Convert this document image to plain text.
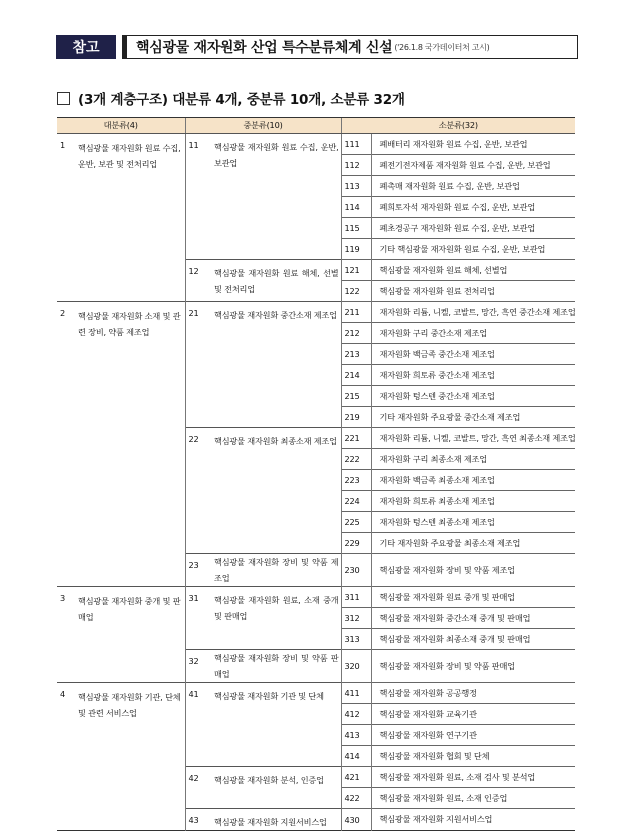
참고	핵심광물 재자원화 산업 특수분류체계 신설 ('26.1.8 국가데이터처 고시)
(3개 계층구조) 대분류 4개, 중분류 10개, 소분류 32개
대분류(4)	중분류(10)		소분류(32)	

1 핵심광물 재자원화 원료 수집, 운반, 보관 및 전처리업	11	핵심광물 재자원화 원료 수집, 운반, 보관업	111	폐배터리 재자원화 원료 수집, 운반, 보관업
			112	폐전기전자제품 재자원화 원료 수집, 운반, 보관업
			113	폐촉매 재자원화 원료 수집, 운반, 보관업
			114	폐희토자석 재자원화 원료 수집, 운반, 보관업
			115	폐초경공구 재자원화 원료 수집, 운반, 보관업
			119	기타 핵심광물 재자원화 원료 수집, 운반, 보관업
	12	핵심광물 재자원화 원료 해체, 선별 및 전처리업	121	핵심광물 재자원화 원료 해체, 선별업
			122	핵심광물 재자원화 원료 전처리업

2 핵심광물 재자원화 소재 및 관련 장비, 약품 제조업	21	핵심광물 재자원화 중간소재 제조업	211	재자원화 리튬, 니켈, 코발트, 망간, 흑연 중간소재 제조업
			212	재자원화 구리 중간소재 제조업
			213	재자원화 백금족 중간소재 제조업
			214	재자원화 희토류 중간소재 제조업
			215	재자원화 텅스텐 중간소재 제조업
			219	기타 재자원화 주요광물 중간소재 제조업
	22	핵심광물 재자원화 최종소재 제조업	221	재자원화 리튬, 니켈, 코발트, 망간, 흑연 최종소재 제조업
			222	재자원화 구리 최종소재 제조업
			223	재자원화 백금족 최종소재 제조업
			224	재자원화 희토류 최종소재 제조업
			225	재자원화 텅스텐 최종소재 제조업
			229	기타 재자원화 주요광물 최종소재 제조업
	23	핵심광물 재자원화 장비 및 약품 제조업	230	핵심광물 재자원화 장비 및 약품 제조업

3 핵심광물 재자원화 중개 및 판매업	31	핵심광물 재자원화 원료, 소재 중개 및 판매업	311	핵심광물 재자원화 원료 중개 및 판매업
			312	핵심광물 재자원화 중간소재 중개 및 판매업
			313	핵심광물 재자원화 최종소재 중개 및 판매업
	32	핵심광물 재자원화 장비 및 약품 판매업	320	핵심광물 재자원화 장비 및 약품 판매업

4 핵심광물 재자원화 기관, 단체 및 관련 서비스업	41	핵심광물 재자원화 기관 및 단체	411	핵심광물 재자원화 공공행정
			412	핵심광물 재자원화 교육기관
			413	핵심광물 재자원화 연구기관
			414	핵심광물 재자원화 협회 및 단체
	42	핵심광물 재자원화 분석, 인증업	421	핵심광물 재자원화 원료, 소재 검사 및 분석업
			422	핵심광물 재자원화 원료, 소재 인증업
	43	핵심광물 재자원화 지원서비스업	430	핵심광물 재자원화 지원서비스업
